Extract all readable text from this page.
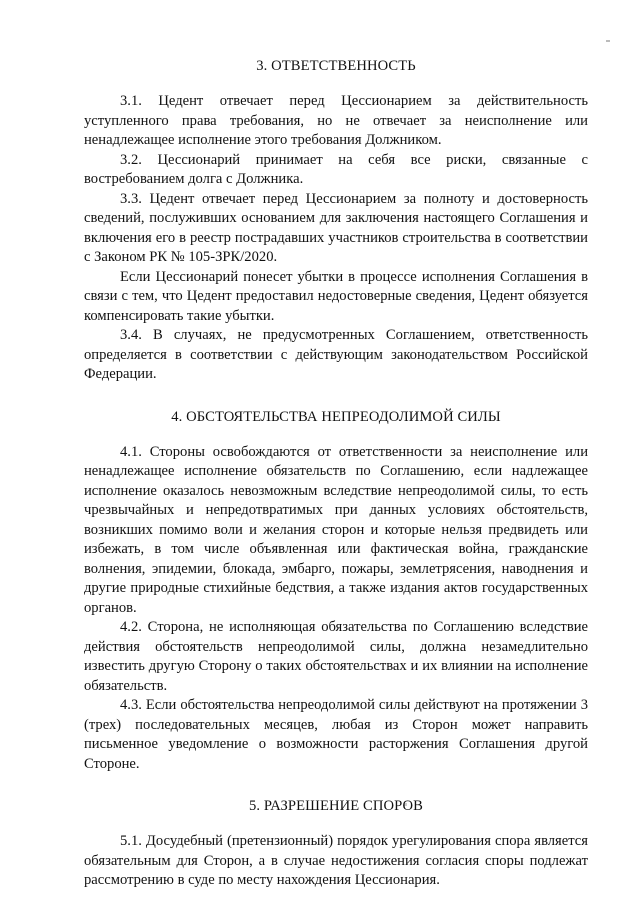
3. ОТВЕТСТВЕННОСТЬ

3.1. Цедент отвечает перед Цессионарием за действительность уступленного права требования, но не отвечает за неисполнение или ненадлежащее исполнение этого требования Должником.

3.2. Цессионарий принимает на себя все риски, связанные с востребованием долга с Должника.

3.3. Цедент отвечает перед Цессионарием за полноту и достоверность сведений, послуживших основанием для заключения настоящего Соглашения и включения его в реестр пострадавших участников строительства в соответствии с Законом РК № 105-ЗРК/2020.

Если Цессионарий понесет убытки в процессе исполнения Соглашения в связи с тем, что Цедент предоставил недостоверные сведения, Цедент обязуется компенсировать такие убытки.

3.4. В случаях, не предусмотренных Соглашением, ответственность определяется в соответствии с действующим законодательством Российской Федерации.

4. ОБСТОЯТЕЛЬСТВА НЕПРЕОДОЛИМОЙ СИЛЫ

4.1. Стороны освобождаются от ответственности за неисполнение или ненадлежащее исполнение обязательств по Соглашению, если надлежащее исполнение оказалось невозможным вследствие непреодолимой силы, то есть чрезвычайных и непредотвратимых при данных условиях обстоятельств, возникших помимо воли и желания сторон и которые нельзя предвидеть или избежать, в том числе объявленная или фактическая война, гражданские волнения, эпидемии, блокада, эмбарго, пожары, землетрясения, наводнения и другие природные стихийные бедствия, а также издания актов государственных органов.

4.2. Сторона, не исполняющая обязательства по Соглашению вследствие действия обстоятельств непреодолимой силы, должна незамедлительно известить другую Сторону о таких обстоятельствах и их влиянии на исполнение обязательств.

4.3. Если обстоятельства непреодолимой силы действуют на протяжении 3 (трех) последовательных месяцев, любая из Сторон может направить письменное уведомление о возможности расторжения Соглашения другой Стороне.

5. РАЗРЕШЕНИЕ СПОРОВ

5.1. Досудебный (претензионный) порядок урегулирования спора является обязательным для Сторон, а в случае недостижения согласия споры подлежат рассмотрению в суде по месту нахождения Цессионария.
